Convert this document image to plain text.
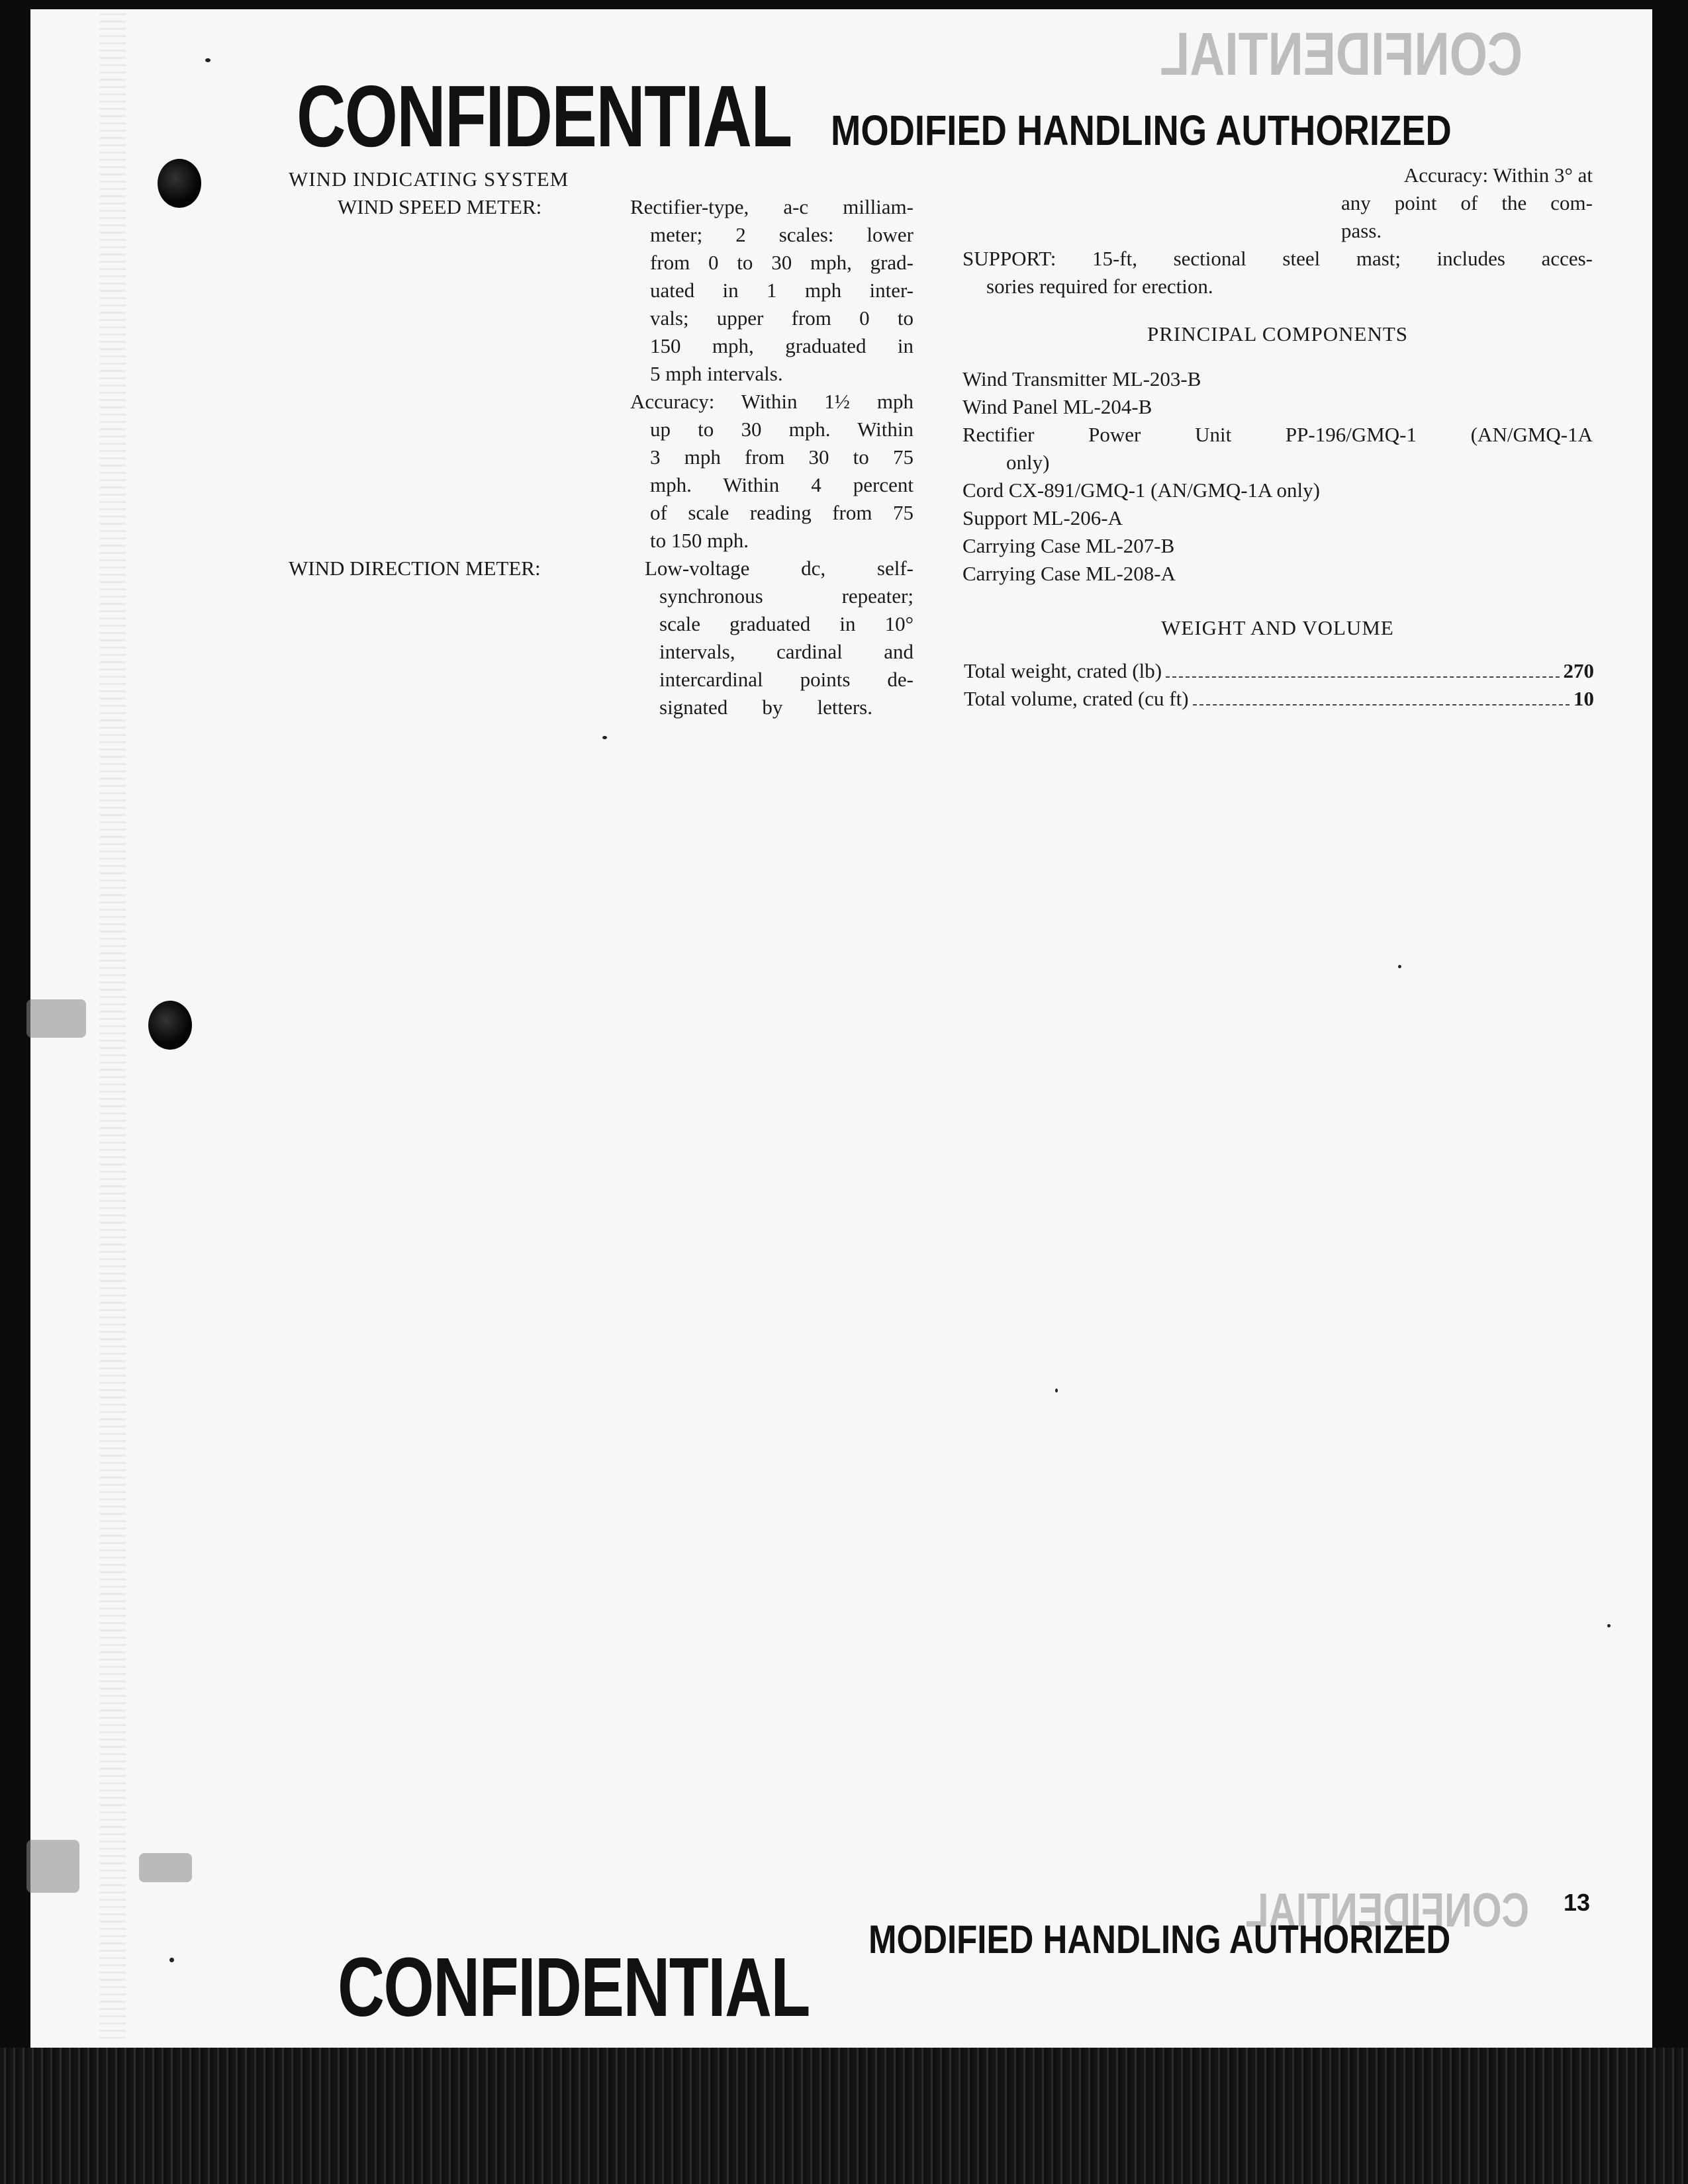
CONFIDENTIAL
CONFIDENTIAL
MODIFIED HANDLING AUTHORIZED
WIND INDICATING SYSTEM
WIND SPEED METER:	Rectifier-type, a-c milliam-
meter; 2 scales: lower
from 0 to 30 mph, grad-
uated in 1 mph inter-
vals; upper from 0 to
150 mph, graduated in
5 mph intervals.
Accuracy: Within 1½ mph
up to 30 mph. Within
3 mph from 30 to 75
mph. Within 4 percent
of scale reading from 75
to 150 mph.
WIND DIRECTION METER:	Low-voltage dc, self-
synchronous repeater;
scale graduated in 10°
intervals, cardinal and
intercardinal points de-
signated by letters.
Accuracy: Within 3° at
any point of the com-
pass.
SUPPORT: 15-ft, sectional steel mast; includes acces-
sories required for erection.
PRINCIPAL COMPONENTS
Wind Transmitter ML-203-B
Wind Panel ML-204-B
Rectifier Power Unit PP-196/GMQ-1 (AN/GMQ-1A
only)
Cord CX-891/GMQ-1 (AN/GMQ-1A only)
Support ML-206-A
Carrying Case ML-207-B
Carrying Case ML-208-A
WEIGHT AND VOLUME
Total weight, crated (lb)	270
Total volume, crated (cu ft)	10
13
CONFIDENTIAL
MODIFIED HANDLING AUTHORIZED
CONFIDENTIAL
